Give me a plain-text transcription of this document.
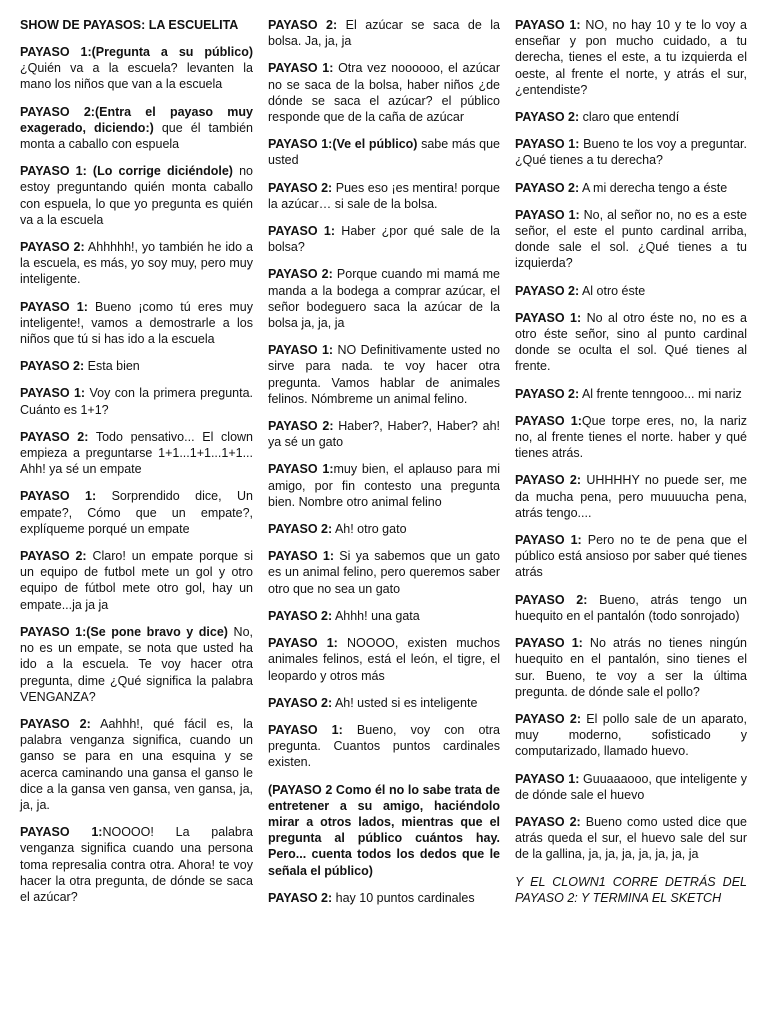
SHOW DE PAYASOS: LA ESCUELITA
PAYASO 1:(Pregunta a su público) ¿Quién va a la escuela? levanten la mano los niños que van a la escuela
PAYASO 2:(Entra el payaso muy exagerado, diciendo:) que él también monta a caballo con espuela
PAYASO 1: (Lo corrige diciéndole) no estoy preguntando quién monta caballo con espuela, lo que yo pregunta es quién va a la escuela
PAYASO 2: Ahhhhh!, yo también he ido a la escuela, es más, yo soy muy, pero muy inteligente.
PAYASO 1: Bueno ¡como tú eres muy inteligente!, vamos a demostrarle a los niños que tú si has ido a la escuela
PAYASO 2: Esta bien
PAYASO 1: Voy con la primera pregunta. Cuánto es 1+1?
PAYASO 2: Todo pensativo... El clown empieza a preguntarse 1+1...1+1...1+1... Ahh! ya sé un empate
PAYASO 1: Sorprendido dice, Un empate?, Cómo que un empate?, explíqueme porqué un empate
PAYASO 2: Claro! un empate porque si un equipo de futbol mete un gol y otro equipo de fútbol mete otro gol, hay un empate...ja ja ja
PAYASO 1:(Se pone bravo y dice) No, no es un empate, se nota que usted ha ido a la escuela. Te voy hacer otra pregunta, dime ¿Qué significa la palabra VENGANZA?
PAYASO 2: Aahhh!, qué fácil es, la palabra venganza significa, cuando un ganso se para en una esquina y se acerca caminando una gansa el ganso le dice a la gansa ven gansa, ven gansa, ja, ja, ja.
PAYASO 1:NOOOO! La palabra venganza significa cuando una persona toma represalia contra otra. Ahora! te voy hacer la otra pregunta, de dónde se saca el azúcar?
PAYASO 2: El azúcar se saca de la bolsa. Ja, ja, ja
PAYASO 1: Otra vez noooooo, el azúcar no se saca de la bolsa, haber niños ¿de dónde se saca el azúcar? el público responde que de la caña de azúcar
PAYASO 1:(Ve el público) sabe más que usted
PAYASO 2: Pues eso ¡es mentira! porque la azúcar… si sale de la bolsa.
PAYASO 1: Haber ¿por qué sale de la bolsa?
PAYASO 2: Porque cuando mi mamá me manda a la bodega a comprar azúcar, el señor bodeguero saca la azúcar de la bolsa ja, ja, ja
PAYASO 1: NO Definitivamente usted no sirve para nada. te voy hacer otra pregunta. Vamos hablar de animales felinos. Nómbreme un animal felino.
PAYASO 2: Haber?, Haber?, Haber? ah! ya sé un gato
PAYASO 1:muy bien, el aplauso para mi amigo, por fin contesto una pregunta bien. Nombre otro animal felino
PAYASO 2: Ah! otro gato
PAYASO 1: Si ya sabemos que un gato es un animal felino, pero queremos saber otro que no sea un gato
PAYASO 2: Ahhh! una gata
PAYASO 1: NOOOO, existen muchos animales felinos, está el león, el tigre, el leopardo y otros más
PAYASO 2: Ah! usted si es inteligente
PAYASO 1: Bueno, voy con otra pregunta. Cuantos puntos cardinales existen.
(PAYASO 2 Como él no lo sabe trata de entretener a su amigo, haciéndolo mirar a otros lados, mientras que el pregunta al público cuántos hay. Pero... cuenta todos los dedos que le señala el público)
PAYASO 2: hay 10 puntos cardinales
PAYASO 1: NO, no hay 10 y te lo voy a enseñar y pon mucho cuidado, a tu derecha, tienes el este, a tu izquierda el oeste, al frente el norte, y atrás el sur, ¿entendiste?
PAYASO 2: claro que entendí
PAYASO 1: Bueno te los voy a preguntar. ¿Qué tienes a tu derecha?
PAYASO 2: A mi derecha tengo a éste
PAYASO 1: No, al señor no, no es a este señor, el este el punto cardinal arriba, donde sale el sol. ¿Qué tienes a tu izquierda?
PAYASO 2: Al otro éste
PAYASO 1: No al otro éste no, no es a otro éste señor, sino al punto cardinal donde se oculta el sol. Qué tienes al frente.
PAYASO 2: Al frente tenngooo... mi nariz
PAYASO 1:Que torpe eres, no, la nariz no, al frente tienes el norte. haber y qué tienes atrás.
PAYASO 2: UHHHHY no puede ser, me da mucha pena, pero muuuucha pena, atrás tengo....
PAYASO 1: Pero no te de pena que el público está ansioso por saber qué tienes atrás
PAYASO 2: Bueno, atrás tengo un huequito en el pantalón (todo sonrojado)
PAYASO 1: No atrás no tienes ningún huequito en el pantalón, sino tienes el sur. Bueno, te voy a ser la última pregunta. de dónde sale el pollo?
PAYASO 2: El pollo sale de un aparato, muy moderno, sofisticado y computarizado, llamado huevo.
PAYASO 1: Guuaaaooo, que inteligente y de dónde sale el huevo
PAYASO 2: Bueno como usted dice que atrás queda el sur, el huevo sale del sur de la gallina, ja, ja, ja, ja, ja, ja, ja
Y EL CLOWN1 CORRE DETRÁS DEL PAYASO 2: Y TERMINA EL SKETCH
